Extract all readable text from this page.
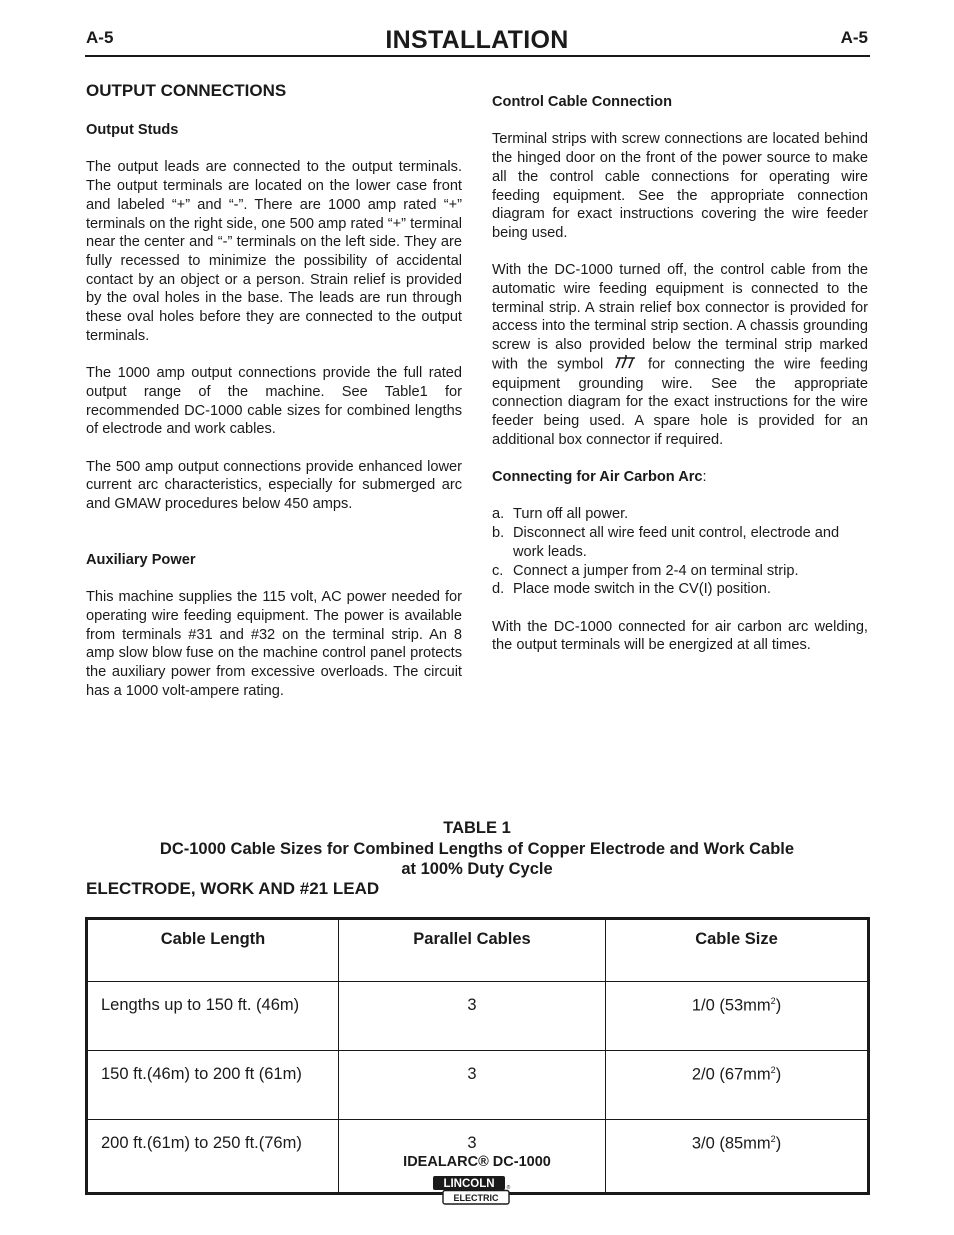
A-5	INSTALLATION	A-5
OUTPUT CONNECTIONS
Output Studs

The output leads are connected to the output terminals. The output terminals are located on the lower case front and labeled “+” and “-”. There are 1000 amp rated “+” terminals on the right side, one 500 amp rated “+” terminal near the center and “-” terminals on the left side. They are fully recessed to minimize the possibility of accidental contact by an object or a person. Strain relief is provided by the oval holes in the base. The leads are run through these oval holes before they are connected to the output terminals.

The 1000 amp output connections provide the full rated output range of the machine. See Table1 for recommended DC-1000 cable sizes for combined lengths of electrode and work cables.

The 500 amp output connections provide enhanced lower current arc characteristics, especially for submerged arc and GMAW procedures below 450 amps.

Auxiliary Power

This machine supplies the 115 volt, AC power needed for operating wire feeding equipment. The power is available from terminals #31 and #32 on the terminal strip. An 8 amp slow blow fuse on the machine control panel protects the auxiliary power from excessive overloads. The circuit has a 1000 volt-ampere rating.

Control Cable Connection

Terminal strips with screw connections are located behind the hinged door on the front of the power source to make all the control cable connections for operating wire feeding equipment. See the appropriate connection diagram for exact instructions covering the wire feeder being used.

With the DC-1000 turned off, the control cable from the automatic wire feeding equipment is connected to the terminal strip. A strain relief box connector is provided for access into the terminal strip section. A chassis grounding screw is also provided below the terminal strip marked with the symbol	for connecting the wire feeding equipment grounding wire. See the appropriate connection diagram for the exact instructions for the wire feeder being used. A spare hole is provided for an additional box connector if required.

Connecting for Air Carbon Arc:
a. Turn off all power.
b. Disconnect all wire feed unit control, electrode and work leads.
c. Connect a jumper from 2-4 on terminal strip.
d. Place mode switch in the CV(I) position.

With the DC-1000 connected for air carbon arc welding, the output terminals will be energized at all times.

TABLE 1
DC-1000 Cable Sizes for Combined Lengths of Copper Electrode and Work Cable
at 100% Duty Cycle
ELECTRODE, WORK AND #21 LEAD
Cable Length	Parallel Cables	Cable Size
Lengths up to 150 ft. (46m)	3	1/0 $(53mm^2)$
150 ft.(46m) to 200 ft (61m)	3	2/0 $(67mm^2)$
200 ft.(61m) to 250 ft.(76m)	3	3/0 $(85mm^2)$
IDEALARC® DC-1000
LINCOLN ®
ELECTRIC
